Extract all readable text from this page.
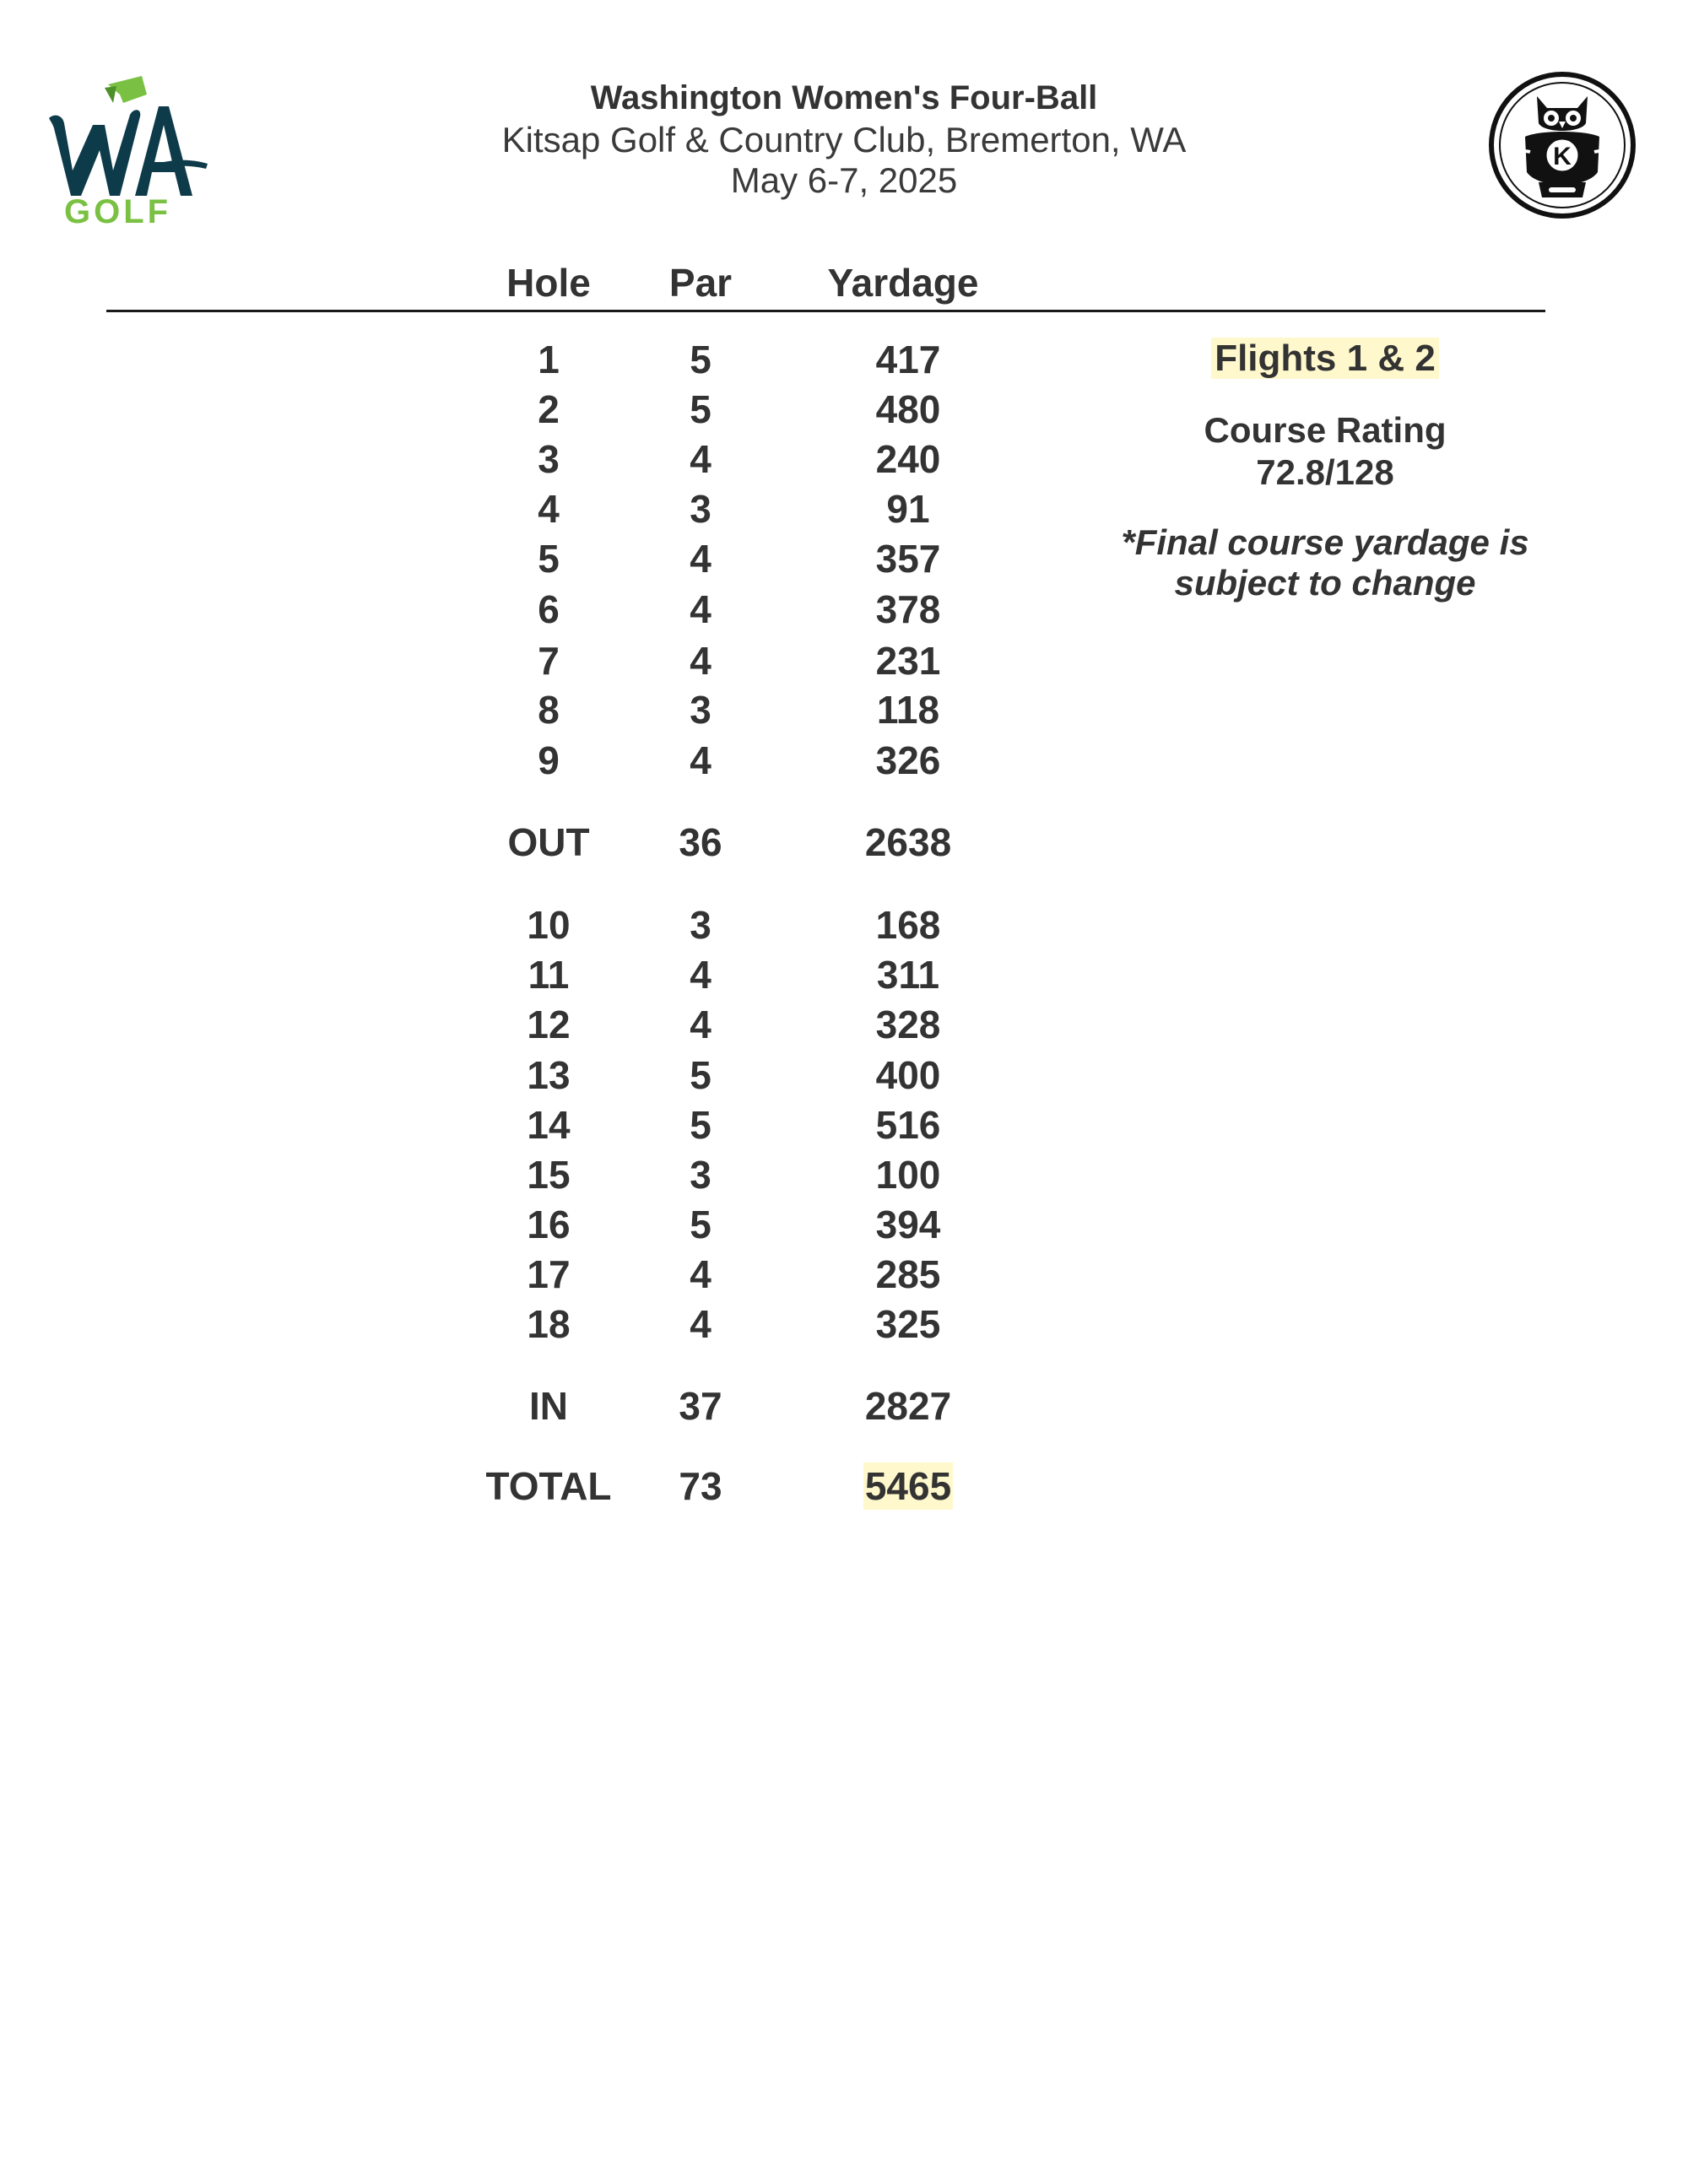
GOLF
K
Washington Women's Four-Ball
Kitsap Golf & Country Club, Bremerton, WA
May 6-7, 2025
Hole	Par	Yardage
1	5	417
2	5	480
3	4	240
4	3	91
5	4	357
6	4	378
7	4	231
8	3	118
9	4	326
OUT	36	2638
10	3	168
11	4	311
12	4	328
13	5	400
14	5	516
15	3	100
16	5	394
17	4	285
18	4	325
IN	37	2827
TOTAL	73	5465
Flights 1 & 2
Course Rating
72.8/128
*Final course yardage is
subject to change
